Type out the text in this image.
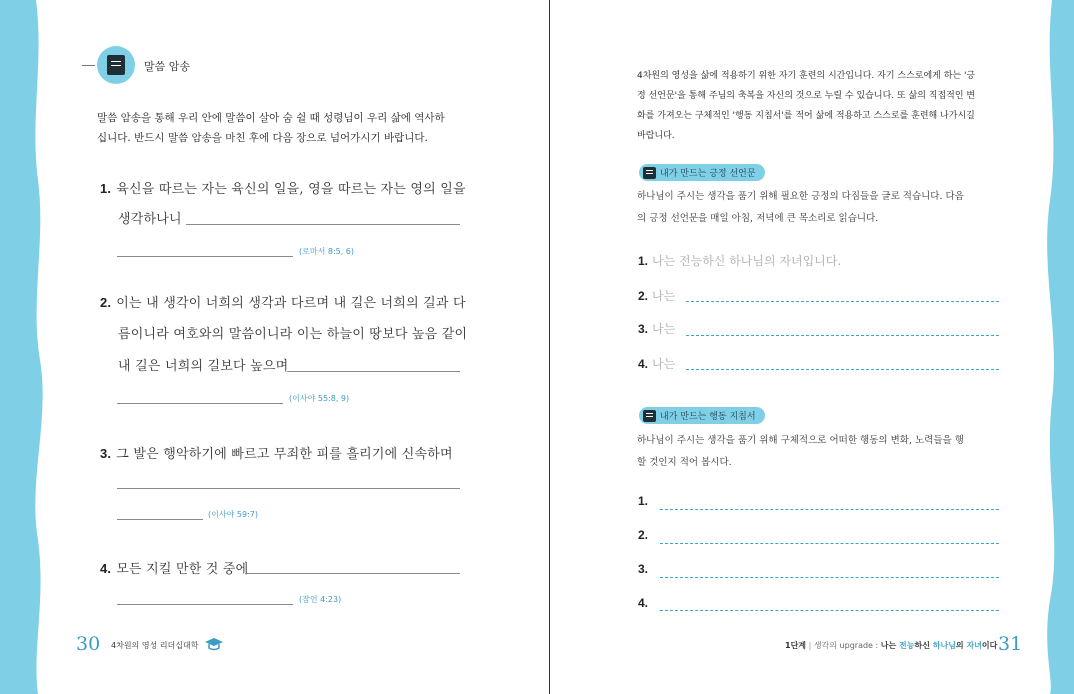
말씀 암송
말씀 암송을 통해 우리 안에 말씀이 살아 숨 쉴 때 성령님이 우리 삶에 역사하
십니다. 반드시 말씀 암송을 마친 후에 다음 장으로 넘어가시기 바랍니다.
1. 육신을 따르는 자는 육신의 일을, 영을 따르는 자는 영의 일을
생각하나니
(로마서 8:5, 6)
2. 이는 내 생각이 너희의 생각과 다르며 내 길은 너희의 길과 다
름이니라 여호와의 말씀이니라 이는 하늘이 땅보다 높음 같이
내 길은 너희의 길보다 높으며
(이사야 55:8, 9)
3. 그 발은 행악하기에 빠르고 무죄한 피를 흘리기에 신속하며
(이사야 59:7)
4. 모든 지킬 만한 것 중에
(잠언 4:23)
30 4차원의 영성 리더십대학
4차원의 영성을 삶에 적용하기 위한 자기 훈련의 시간입니다. 자기 스스로에게 하는 '긍
정 선언문'을 통해 주님의 축복을 자신의 것으로 누릴 수 있습니다. 또 삶의 직접적인 변
화를 가져오는 구체적인 '행동 지침서'를 적어 삶에 적용하고 스스로를 훈련해 나가시길
바랍니다.
내가 만드는 긍정 선언문
하나님이 주시는 생각을 품기 위해 필요한 긍정의 다짐들을 글로 적습니다. 다음
의 긍정 선언문을 매일 아침, 저녁에 큰 목소리로 읽습니다.
1. 나는 전능하신 하나님의 자녀입니다.
2. 나는
3. 나는
4. 나는
내가 만드는 행동 지침서
하나님이 주시는 생각을 품기 위해 구체적으로 어떠한 행동의 변화, 노력들을 행
할 것인지 적어 봅시다.
1.
2.
3.
4.
1단계 | 생각의 upgrade : 나는 전능하신 하나님의 자녀이다 31
